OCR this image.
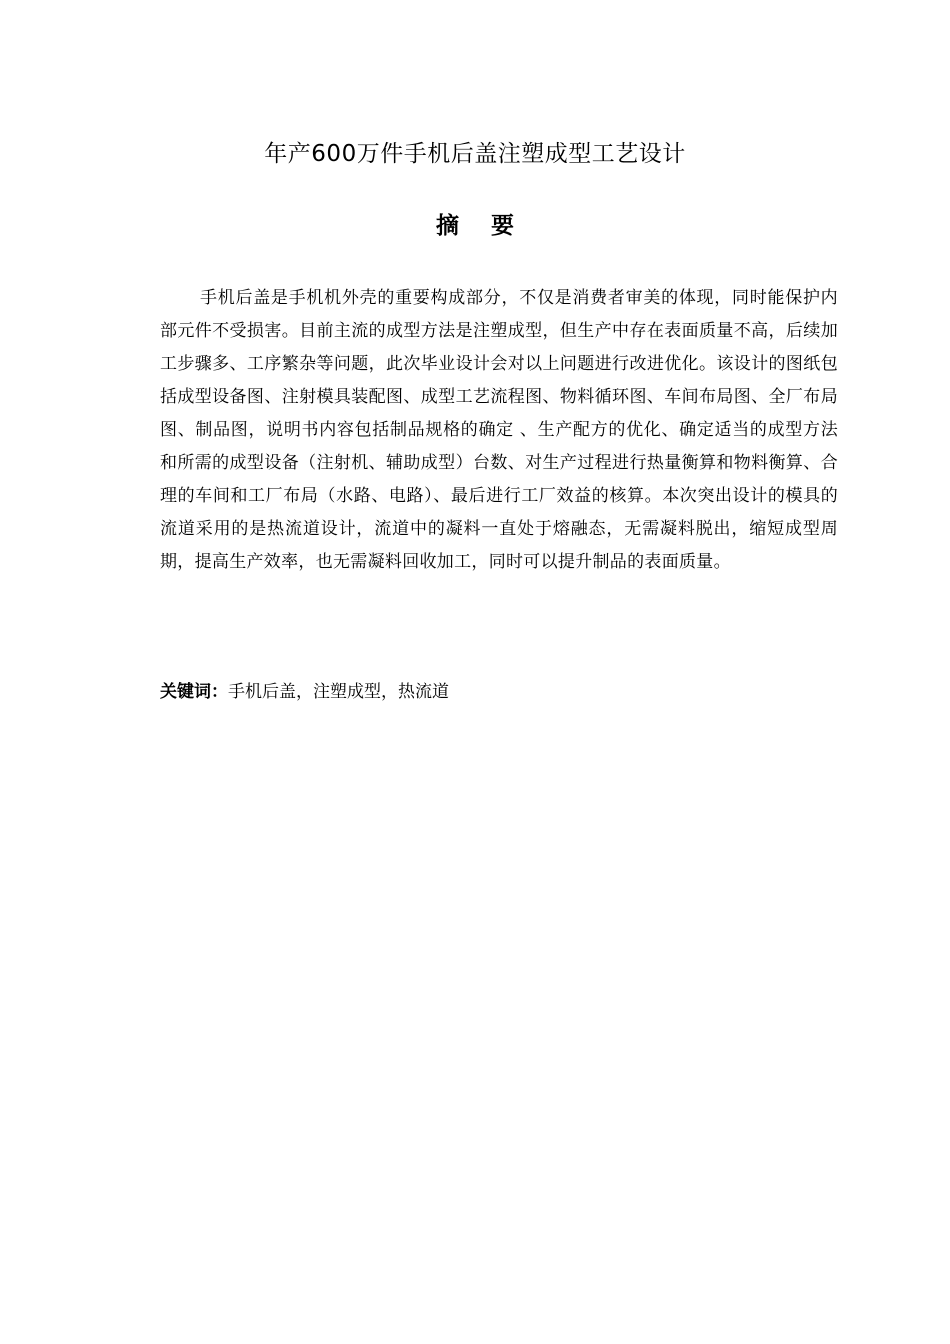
年产600万件手机后盖注塑成型工艺设计
摘 要

手机后盖是手机机外壳的重要构成部分，不仅是消费者审美的体现，同时能保护内部元件不受损害。目前主流的成型方法是注塑成型，但生产中存在表面质量不高，后续加工步骤多、工序繁杂等问题，此次毕业设计会对以上问题进行改进优化。该设计的图纸包括成型设备图、注射模具装配图、成型工艺流程图、物料循环图、车间布局图、全厂布局图、制品图，说明书内容包括制品规格的确定 、生产配方的优化、确定适当的成型方法和所需的成型设备（注射机、辅助成型）台数、对生产过程进行热量衡算和物料衡算、合理的车间和工厂布局（水路、电路）、最后进行工厂效益的核算。本次突出设计的模具的流道采用的是热流道设计，流道中的凝料一直处于熔融态，无需凝料脱出，缩短成型周期，提高生产效率，也无需凝料回收加工，同时可以提升制品的表面质量。

关键词：手机后盖，注塑成型，热流道
